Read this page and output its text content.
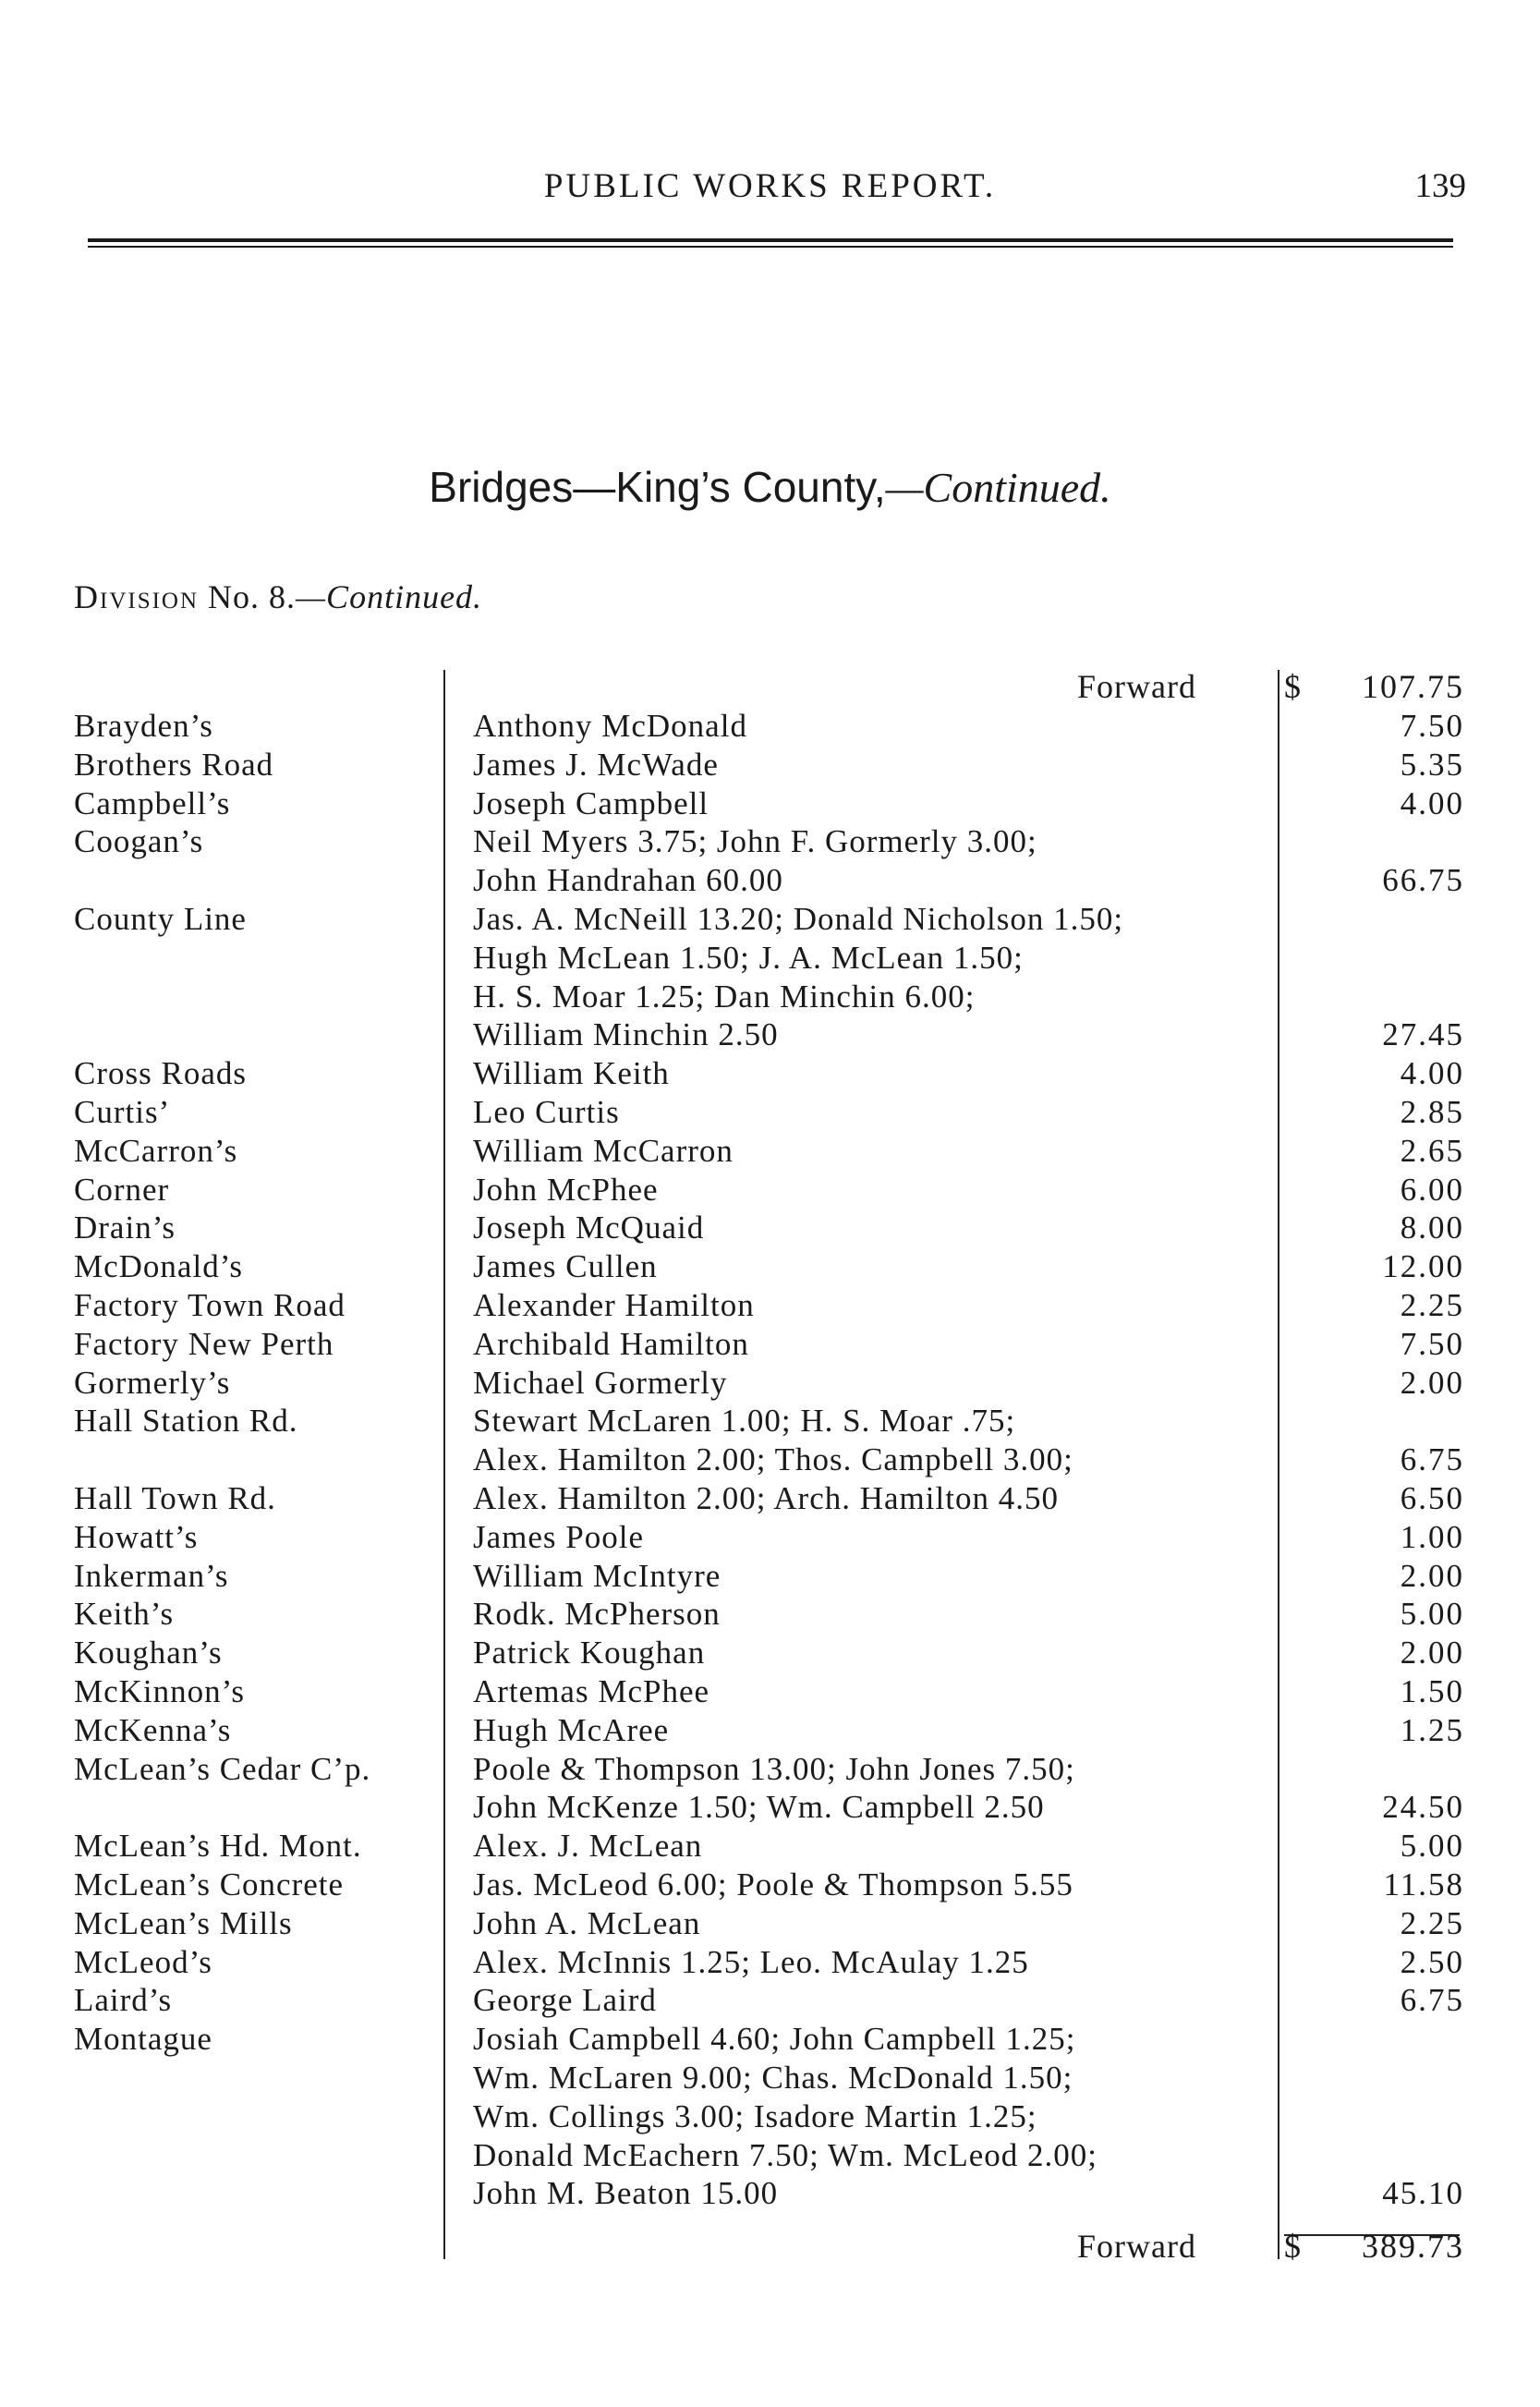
PUBLIC WORKS REPORT.	139
Bridges—King’s County,—Continued.
Division No. 8.—Continued.
Forward	$ 107.75
Brayden’s	Anthony McDonald	7.50
Brothers Road	James J. McWade	5.35
Campbell’s	Joseph Campbell	4.00
Coogan’s	Neil Myers 3.75; John F. Gormerly 3.00;
John Handrahan 60.00	66.75
County Line	Jas. A. McNeill 13.20; Donald Nicholson 1.50;
Hugh McLean 1.50; J. A. McLean 1.50;
H. S. Moar 1.25; Dan Minchin 6.00;
William Minchin 2.50	27.45
Cross Roads	William Keith	4.00
Curtis’	Leo Curtis	2.85
McCarron’s	William McCarron	2.65
Corner	John McPhee	6.00
Drain’s	Joseph McQuaid	8.00
McDonald’s	James Cullen	12.00
Factory Town Road	Alexander Hamilton	2.25
Factory New Perth	Archibald Hamilton	7.50
Gormerly’s	Michael Gormerly	2.00
Hall Station Rd.	Stewart McLaren 1.00; H. S. Moar .75;
Alex. Hamilton 2.00; Thos. Campbell 3.00;	6.75
Hall Town Rd.	Alex. Hamilton 2.00; Arch. Hamilton 4.50	6.50
Howatt’s	James Poole	1.00
Inkerman’s	William McIntyre	2.00
Keith’s	Rodk. McPherson	5.00
Koughan’s	Patrick Koughan	2.00
McKinnon’s	Artemas McPhee	1.50
McKenna’s	Hugh McAree	1.25
McLean’s Cedar C’p.	Poole & Thompson 13.00; John Jones 7.50;
John McKenze 1.50; Wm. Campbell 2.50	24.50
McLean’s Hd. Mont.	Alex. J. McLean	5.00
McLean’s Concrete	Jas. McLeod 6.00; Poole & Thompson 5.55	11.58
McLean’s Mills	John A. McLean	2.25
McLeod’s	Alex. McInnis 1.25; Leo. McAulay 1.25	2.50
Laird’s	George Laird	6.75
Montague	Josiah Campbell 4.60; John Campbell 1.25;
Wm. McLaren 9.00; Chas. McDonald 1.50;
Wm. Collings 3.00; Isadore Martin 1.25;
Donald McEachern 7.50; Wm. McLeod 2.00;
John M. Beaton 15.00	45.10
Forward	$ 389.73
